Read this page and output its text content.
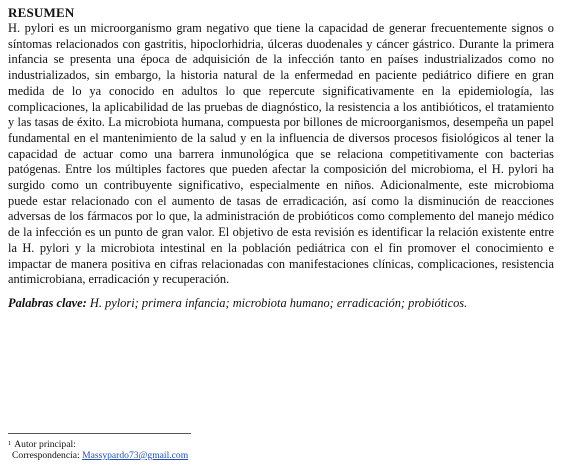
RESUMEN

H. pylori es un microorganismo gram negativo que tiene la capacidad de generar frecuentemente signos o síntomas relacionados con gastritis, hipoclorhidria, úlceras duodenales y cáncer gástrico. Durante la primera infancia se presenta una época de adquisición de la infección tanto en países industrializados como no industrializados, sin embargo, la historia natural de la enfermedad en paciente pediátrico difiere en gran medida de lo ya conocido en adultos lo que repercute significativamente en la epidemiología, las complicaciones, la aplicabilidad de las pruebas de diagnóstico, la resistencia a los antibióticos, el tratamiento y las tasas de éxito. La microbiota humana, compuesta por billones de microorganismos, desempeña un papel fundamental en el mantenimiento de la salud y en la influencia de diversos procesos fisiológicos al tener la capacidad de actuar como una barrera inmunológica que se relaciona competitivamente con bacterias patógenas. Entre los múltiples factores que pueden afectar la composición del microbioma, el H. pylori ha surgido como un contribuyente significativo, especialmente en niños. Adicionalmente, este microbioma puede estar relacionado con el aumento de tasas de erradicación, así como la disminución de reacciones adversas de los fármacos por lo que, la administración de probióticos como complemento del manejo médico de la infección es un punto de gran valor. El objetivo de esta revisión es identificar la relación existente entre la H. pylori y la microbiota intestinal en la población pediátrica con el fin promover el conocimiento e impactar de manera positiva en cifras relacionadas con manifestaciones clínicas, complicaciones, resistencia antimicrobiana, erradicación y recuperación.

Palabras clave: H. pylori; primera infancia; microbiota humano; erradicación; probióticos.

$^1$ Autor principal:
Correspondencia: Massypardo73@gmail.com
